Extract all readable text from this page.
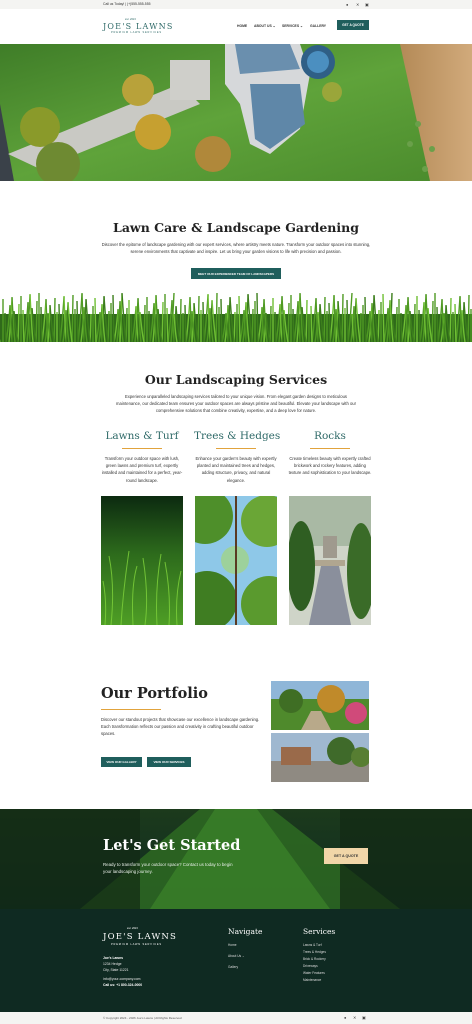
Call us Today! | (+)555-555-555	● ✕ ▣
est. 2024
JOE'S LAWNS
PREMIUM LAWN SERVICES
HOME ABOUT US ⌄ SERVICES ⌄ GALLERY	GET A QUOTE
Lawn Care & Landscape Gardening

Discover the epitome of landscape gardening with our expert services, where artistry meets nature. Transform your outdoor spaces into stunning, serene environments that captivate and inspire. Let us bring your garden visions to life with precision and passion.

MEET OUR EXPERIENCED TEAM OF LANDSCAPERS
Our Landscaping Services

Experience unparalleled landscaping services tailored to your unique vision. From elegant garden designs to meticulous maintenance, our dedicated team ensures your outdoor spaces are always pristine and beautiful. Elevate your landscape with our comprehensive solutions that combine creativity, expertise, and a deep love for nature.

Lawns & Turf
Transform your outdoor space with lush, green lawns and premium turf, expertly installed and maintained for a perfect, year-round landscape.
Trees & Hedges
Enhance your garden's beauty with expertly planted and maintained trees and hedges, adding structure, privacy, and natural elegance.
Rocks
Create timeless beauty with expertly crafted brickwork and rockery features, adding texture and sophistication to your landscape.
Our Portfolio

Discover our standout projects that showcase our excellence in landscape gardening. Each transformation reflects our passion and creativity in crafting beautiful outdoor spaces.

VIEW OUR GALLERY	VIEW OUR SERVICES
Let's Get Started

Ready to transform your outdoor space? Contact us today to begin your landscaping journey.

GET A QUOTE
est. 2024
JOE'S LAWNS
PREMIUM LAWN SERVICES
Joe's Lawns
1234 Hedge
City, State 11221
info@your-company.com
Call us: +1 800-324-0000
Navigate
Home
About Us ⌄
Gallery
Services
Lawns & Turf
Trees & Hedges
Brick & Rockery
Driveways
Water Features
Maintenance
© Copyright 2024 - 2026 Joe's Lawns | All Rights Reserved	● ✕ ▣
